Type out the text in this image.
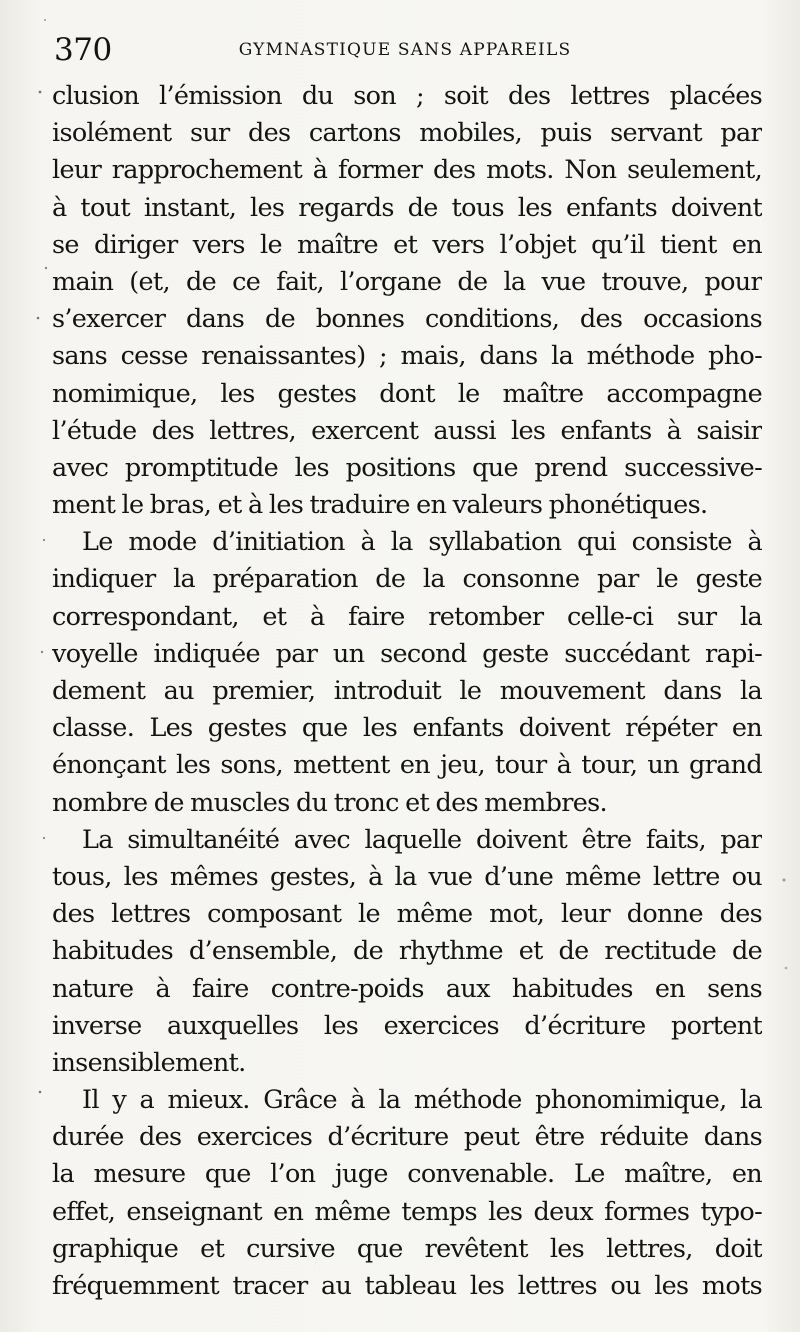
370	GYMNASTIQUE SANS APPAREILS
clusion l’émission du son ; soit des lettres placées
isolément sur des cartons mobiles, puis servant par
leur rapprochement à former des mots. Non seulement,
à tout instant, les regards de tous les enfants doivent
se diriger vers le maître et vers l’objet qu’il tient en
main (et, de ce fait, l’organe de la vue trouve, pour
s’exercer dans de bonnes conditions, des occasions
sans cesse renaissantes) ; mais, dans la méthode pho-
nomimique, les gestes dont le maître accompagne
l’étude des lettres, exercent aussi les enfants à saisir
avec promptitude les positions que prend successive-
ment le bras, et à les traduire en valeurs phonétiques.
Le mode d’initiation à la syllabation qui consiste à
indiquer la préparation de la consonne par le geste
correspondant, et à faire retomber celle-ci sur la
voyelle indiquée par un second geste succédant rapi-
dement au premier, introduit le mouvement dans la
classe. Les gestes que les enfants doivent répéter en
énonçant les sons, mettent en jeu, tour à tour, un grand
nombre de muscles du tronc et des membres.
La simultanéité avec laquelle doivent être faits, par
tous, les mêmes gestes, à la vue d’une même lettre ou
des lettres composant le même mot, leur donne des
habitudes d’ensemble, de rhythme et de rectitude de
nature à faire contre-poids aux habitudes en sens
inverse auxquelles les exercices d’écriture portent
insensiblement.
Il y a mieux. Grâce à la méthode phonomimique, la
durée des exercices d’écriture peut être réduite dans
la mesure que l’on juge convenable. Le maître, en
effet, enseignant en même temps les deux formes typo-
graphique et cursive que revêtent les lettres, doit
fréquemment tracer au tableau les lettres ou les mots
